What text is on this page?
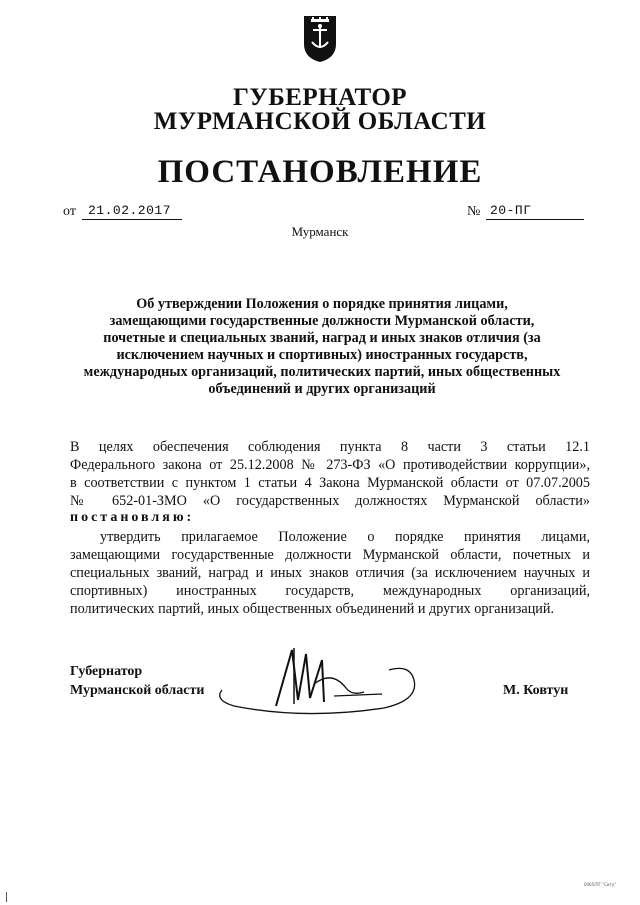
ГУБЕРНАТОР
МУРМАНСКОЙ ОБЛАСТИ
ПОСТАНОВЛЕНИЕ
от 21.02.2017	№ 20-ПГ
Мурманск
Об утверждении Положения о порядке принятия лицами,
замещающими государственные должности Мурманской области,
почетные и специальных званий, наград и иных знаков отличия (за
исключением научных и спортивных) иностранных государств,
международных организаций, политических партий, иных общественных
объединений и других организаций
В целях обеспечения соблюдения пункта 8 части 3 статьи 12.1
Федерального закона от 25.12.2008 № 273-ФЗ «О противодействии коррупции»,
в соответствии с пунктом 1 статьи 4 Закона Мурманской области от 07.07.2005
№ 652-01-ЗМО «О государственных должностях Мурманской области»
постановляю:
утвердить прилагаемое Положение о порядке принятия лицами,
замещающими государственные должности Мурманской области, почетных и
специальных званий, наград и иных знаков отличия (за исключением научных и
спортивных) иностранных государств, международных организаций,
политических партий, иных общественных объединений и других организаций.
Губернатор
Мурманской области	М. Ковтун
0465/ПГ "Ситу"
